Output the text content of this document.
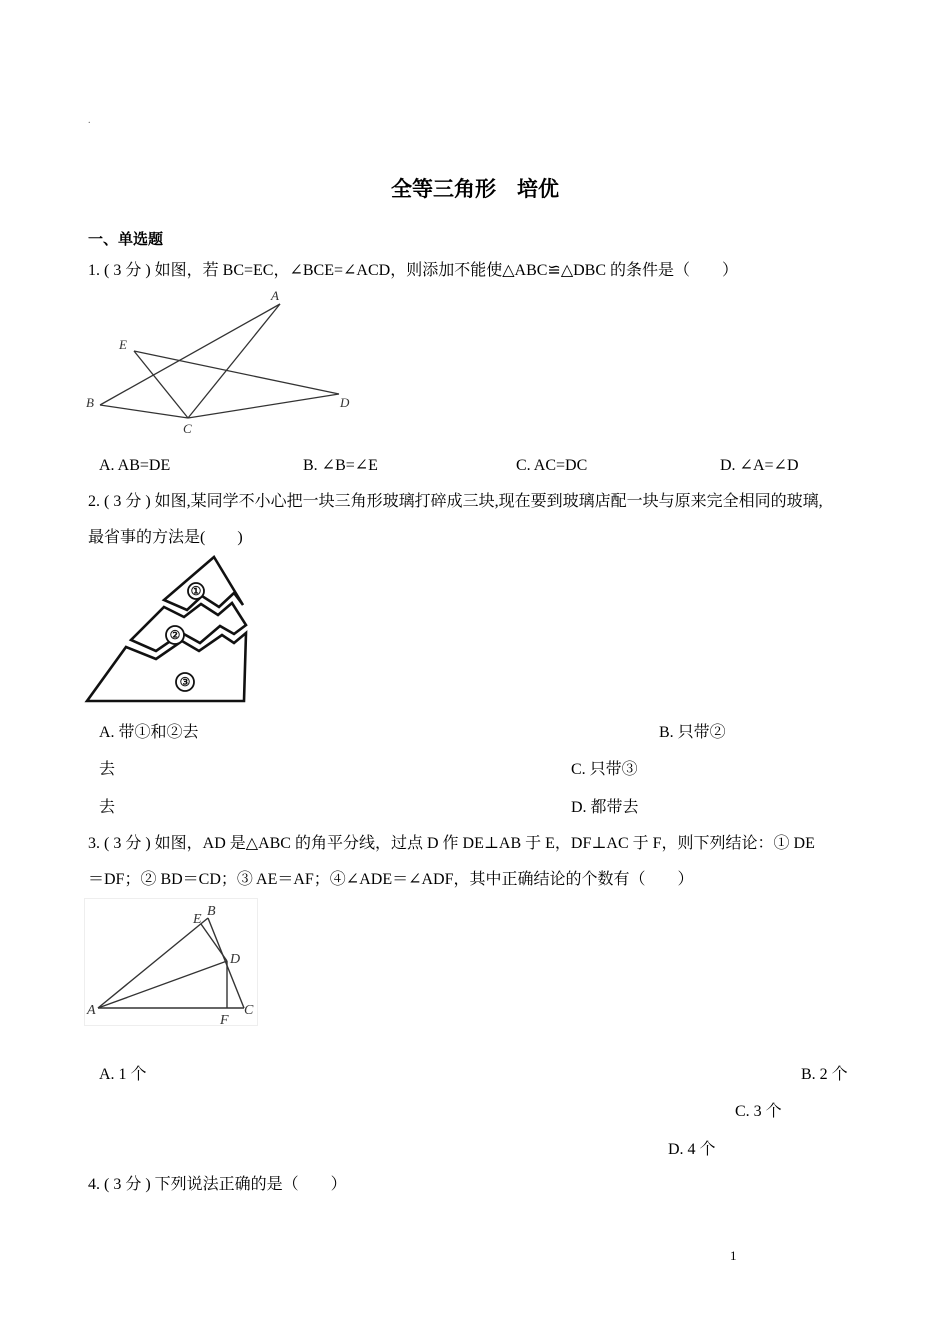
.
全等三角形　培优
一、单选题
1. ( 3 分 ) 如图，若 BC=EC，∠BCE=∠ACD，则添加不能使△ABC≌△DBC 的条件是（　　）
A
E
B
C
D
A. AB=DE	B. ∠B=∠E	C. AC=DC	D. ∠A=∠D
2. ( 3 分 ) 如图,某同学不小心把一块三角形玻璃打碎成三块,现在要到玻璃店配一块与原来完全相同的玻璃,
最省事的方法是(　　)
①
②
③
A. 带①和②去	B. 只带②
去	C. 只带③
去	D. 都带去
3. ( 3 分 ) 如图，AD 是△ABC 的角平分线，过点 D 作 DE⊥AB 于 E，DF⊥AC 于 F，则下列结论：① DE
＝DF；② BD＝CD；③ AE＝AF；④∠ADE＝∠ADF，其中正确结论的个数有（　　）
E
B
D
A
F
C
A. 1 个	B. 2 个
C. 3 个
D. 4 个
4. ( 3 分 ) 下列说法正确的是（　　）
1
